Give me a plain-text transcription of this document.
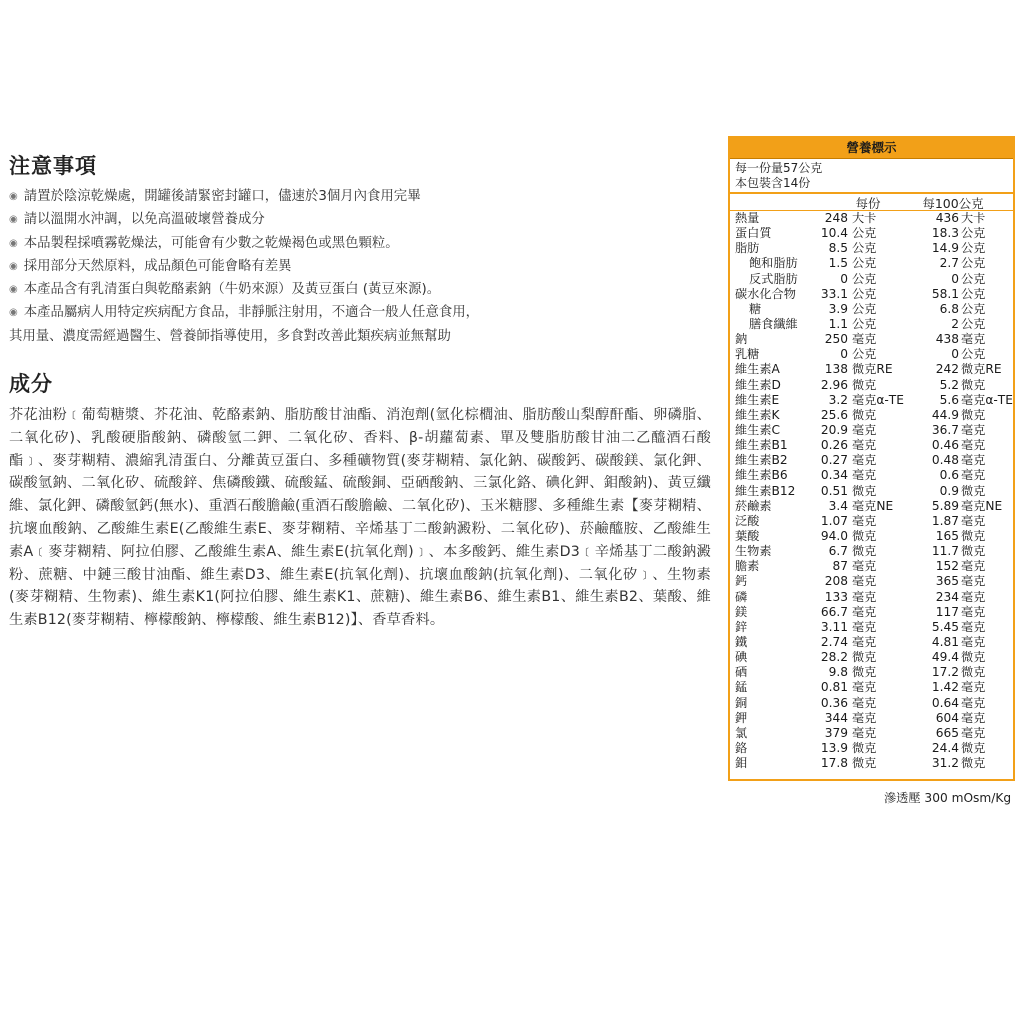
注意事項
◉ 請置於陰涼乾燥處，開罐後請緊密封罐口，儘速於3個月內食用完畢
◉ 請以溫開水沖調，以免高溫破壞營養成分
◉ 本品製程採噴霧乾燥法，可能會有少數之乾燥褐色或黑色顆粒。
◉ 採用部分天然原料，成品顏色可能會略有差異
◉ 本產品含有乳清蛋白與乾酪素鈉（牛奶來源）及黃豆蛋白 (黃豆來源)。
◉ 本產品屬病人用特定疾病配方食品，非靜脈注射用，不適合一般人任意食用，
其用量、濃度需經過醫生、營養師指導使用，多食對改善此類疾病並無幫助
成分
芥花油粉﹝葡萄糖漿、芥花油、乾酪素鈉、脂肪酸甘油酯、消泡劑(氫化棕櫚油、脂肪酸山梨醇酐酯、卵磷脂、二氧化矽)、乳酸硬脂酸鈉、磷酸氫二鉀、二氧化矽、香料、β-胡蘿蔔素、單及雙脂肪酸甘油二乙醯酒石酸酯﹞、麥芽糊精、濃縮乳清蛋白、分離黃豆蛋白、多種礦物質(麥芽糊精、氯化鈉、碳酸鈣、碳酸鎂、氯化鉀、碳酸氫鈉、二氧化矽、硫酸鋅、焦磷酸鐵、硫酸錳、硫酸銅、亞硒酸鈉、三氯化鉻、碘化鉀、鉬酸鈉)、黃豆纖維、氯化鉀、磷酸氫鈣(無水)、重酒石酸膽鹼(重酒石酸膽鹼、二氧化矽)、玉米糖膠、多種維生素【麥芽糊精、抗壞血酸鈉、乙酸維生素E(乙酸維生素E、麥芽糊精、辛烯基丁二酸鈉澱粉、二氧化矽)、菸鹼醯胺、乙酸維生素A﹝麥芽糊精、阿拉伯膠、乙酸維生素A、維生素E(抗氧化劑)﹞、本多酸鈣、維生素D3﹝辛烯基丁二酸鈉澱粉、蔗糖、中鏈三酸甘油酯、維生素D3、維生素E(抗氧化劑)、抗壞血酸鈉(抗氧化劑)、二氧化矽﹞、生物素(麥芽糊精、生物素)、維生素K1(阿拉伯膠、維生素K1、蔗糖)、維生素B6、維生素B1、維生素B2、葉酸、維生素B12(麥芽糊精、檸檬酸鈉、檸檬酸、維生素B12)】、香草香料。
營養標示
每一份量57公克
本包裝含14份
每份	每100公克
熱量	248 大卡	436 大卡
蛋白質	10.4 公克	18.3 公克
脂肪	8.5 公克	14.9 公克
飽和脂肪	1.5 公克	2.7 公克
反式脂肪	0 公克	0 公克
碳水化合物	33.1 公克	58.1 公克
糖	3.9 公克	6.8 公克
膳食纖維	1.1 公克	2 公克
鈉	250 毫克	438 毫克
乳糖	0 公克	0 公克
維生素A	138 微克RE	242 微克RE
維生素D	2.96 微克	5.2 微克
維生素E	3.2 毫克α-TE	5.6 毫克α-TE
維生素K	25.6 微克	44.9 微克
維生素C	20.9 毫克	36.7 毫克
維生素B1	0.26 毫克	0.46 毫克
維生素B2	0.27 毫克	0.48 毫克
維生素B6	0.34 毫克	0.6 毫克
維生素B12	0.51 微克	0.9 微克
菸鹼素	3.4 毫克NE	5.89 毫克NE
泛酸	1.07 毫克	1.87 毫克
葉酸	94.0 微克	165 微克
生物素	6.7 微克	11.7 微克
膽素	87 毫克	152 毫克
鈣	208 毫克	365 毫克
磷	133 毫克	234 毫克
鎂	66.7 毫克	117 毫克
鋅	3.11 毫克	5.45 毫克
鐵	2.74 毫克	4.81 毫克
碘	28.2 微克	49.4 微克
硒	9.8 微克	17.2 微克
錳	0.81 毫克	1.42 毫克
銅	0.36 毫克	0.64 毫克
鉀	344 毫克	604 毫克
氯	379 毫克	665 毫克
鉻	13.9 微克	24.4 微克
鉬	17.8 微克	31.2 微克
滲透壓 300 mOsm/Kg
